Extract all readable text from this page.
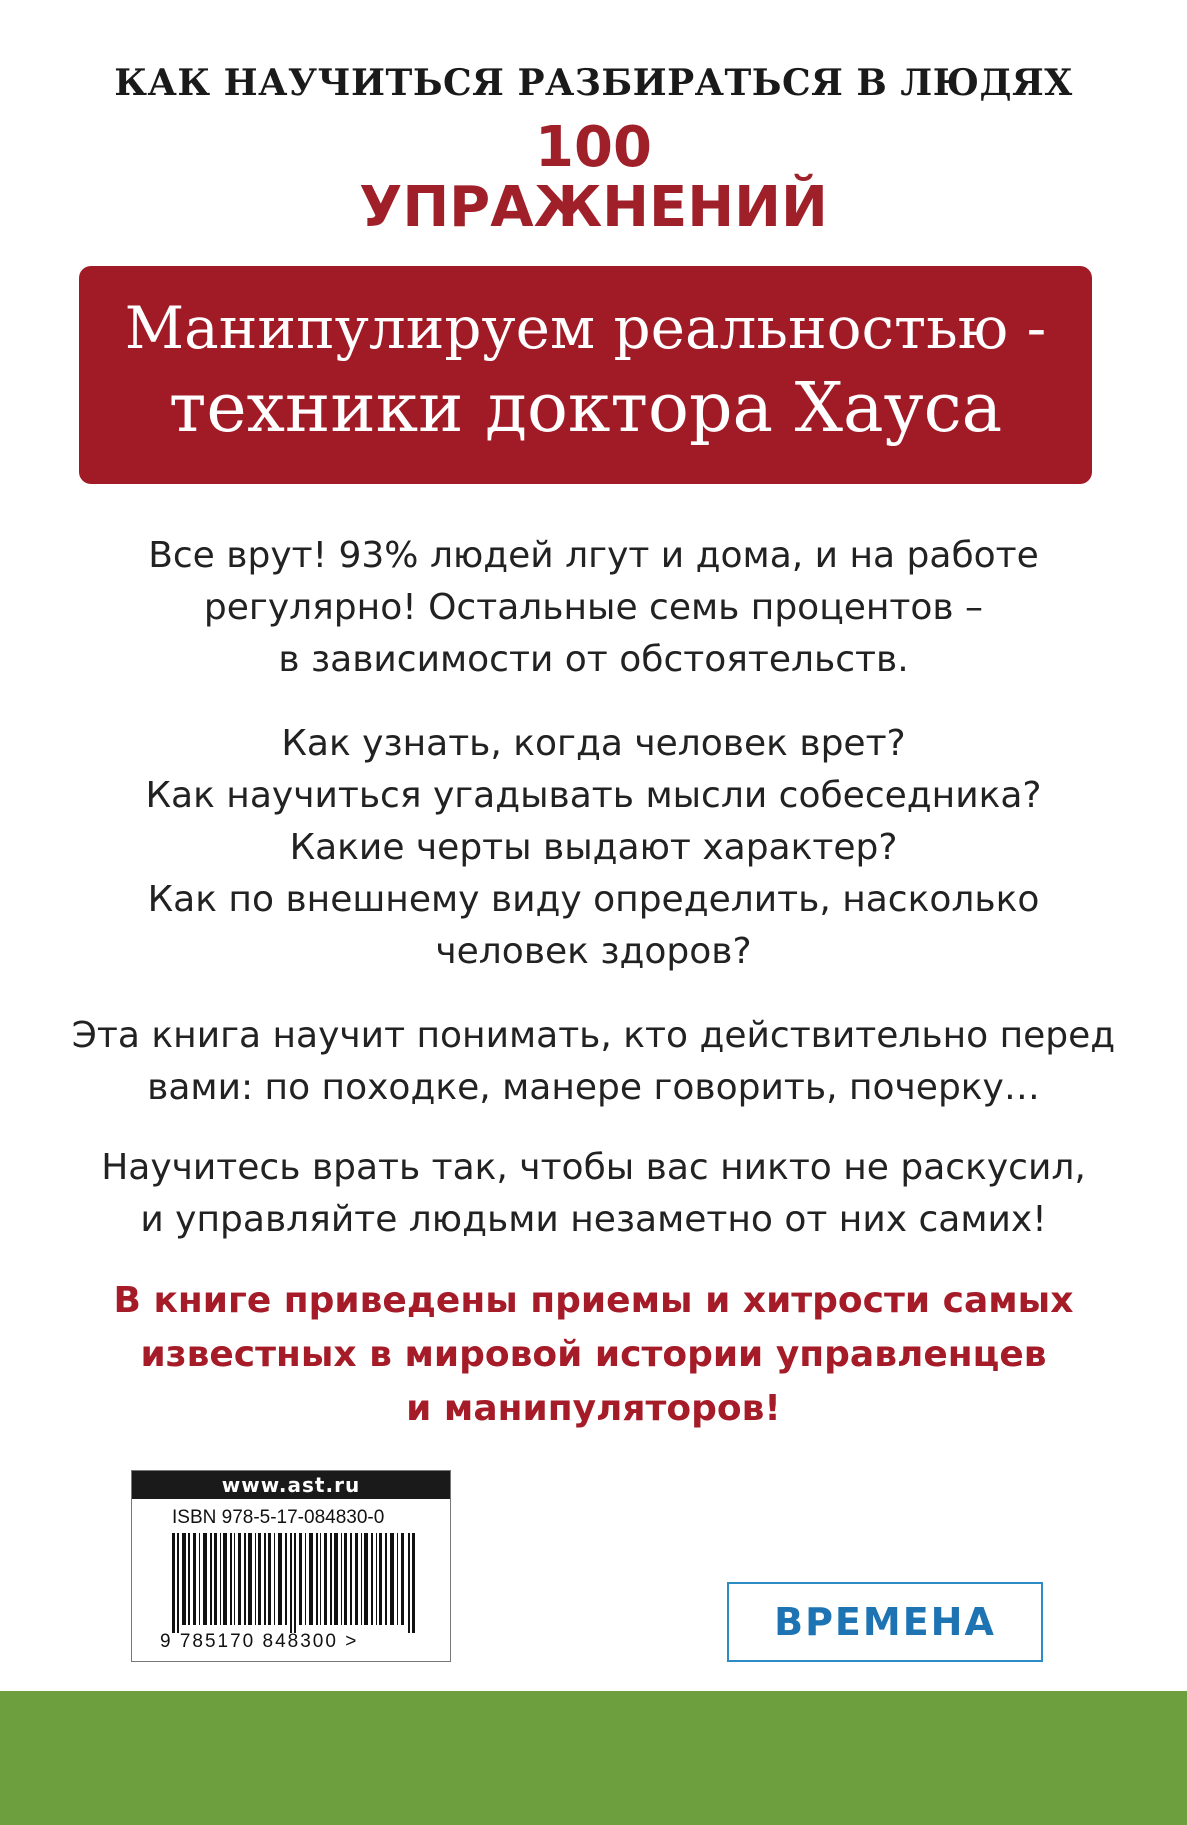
КАК НАУЧИТЬСЯ РАЗБИРАТЬСЯ В ЛЮДЯХ
100
УПРАЖНЕНИЙ
Манипулируем реальностью -
техники доктора Хауса
Все врут! 93% людей лгут и дома, и на работе
регулярно! Остальные семь процентов –
в зависимости от обстоятельств.
Как узнать, когда человек врет?
Как научиться угадывать мысли собеседника?
Какие черты выдают характер?
Как по внешнему виду определить, насколько
человек здоров?
Эта книга научит понимать, кто действительно перед
вами: по походке, манере говорить, почерку…
Научитесь врать так, чтобы вас никто не раскусил,
и управляйте людьми незаметно от них самих!
В книге приведены приемы и хитрости самых
известных в мировой истории управленцев
и манипуляторов!
www.ast.ru
ISBN 978-5-17-084830-0
9 785170 848300 >	ВРЕМЕНА
